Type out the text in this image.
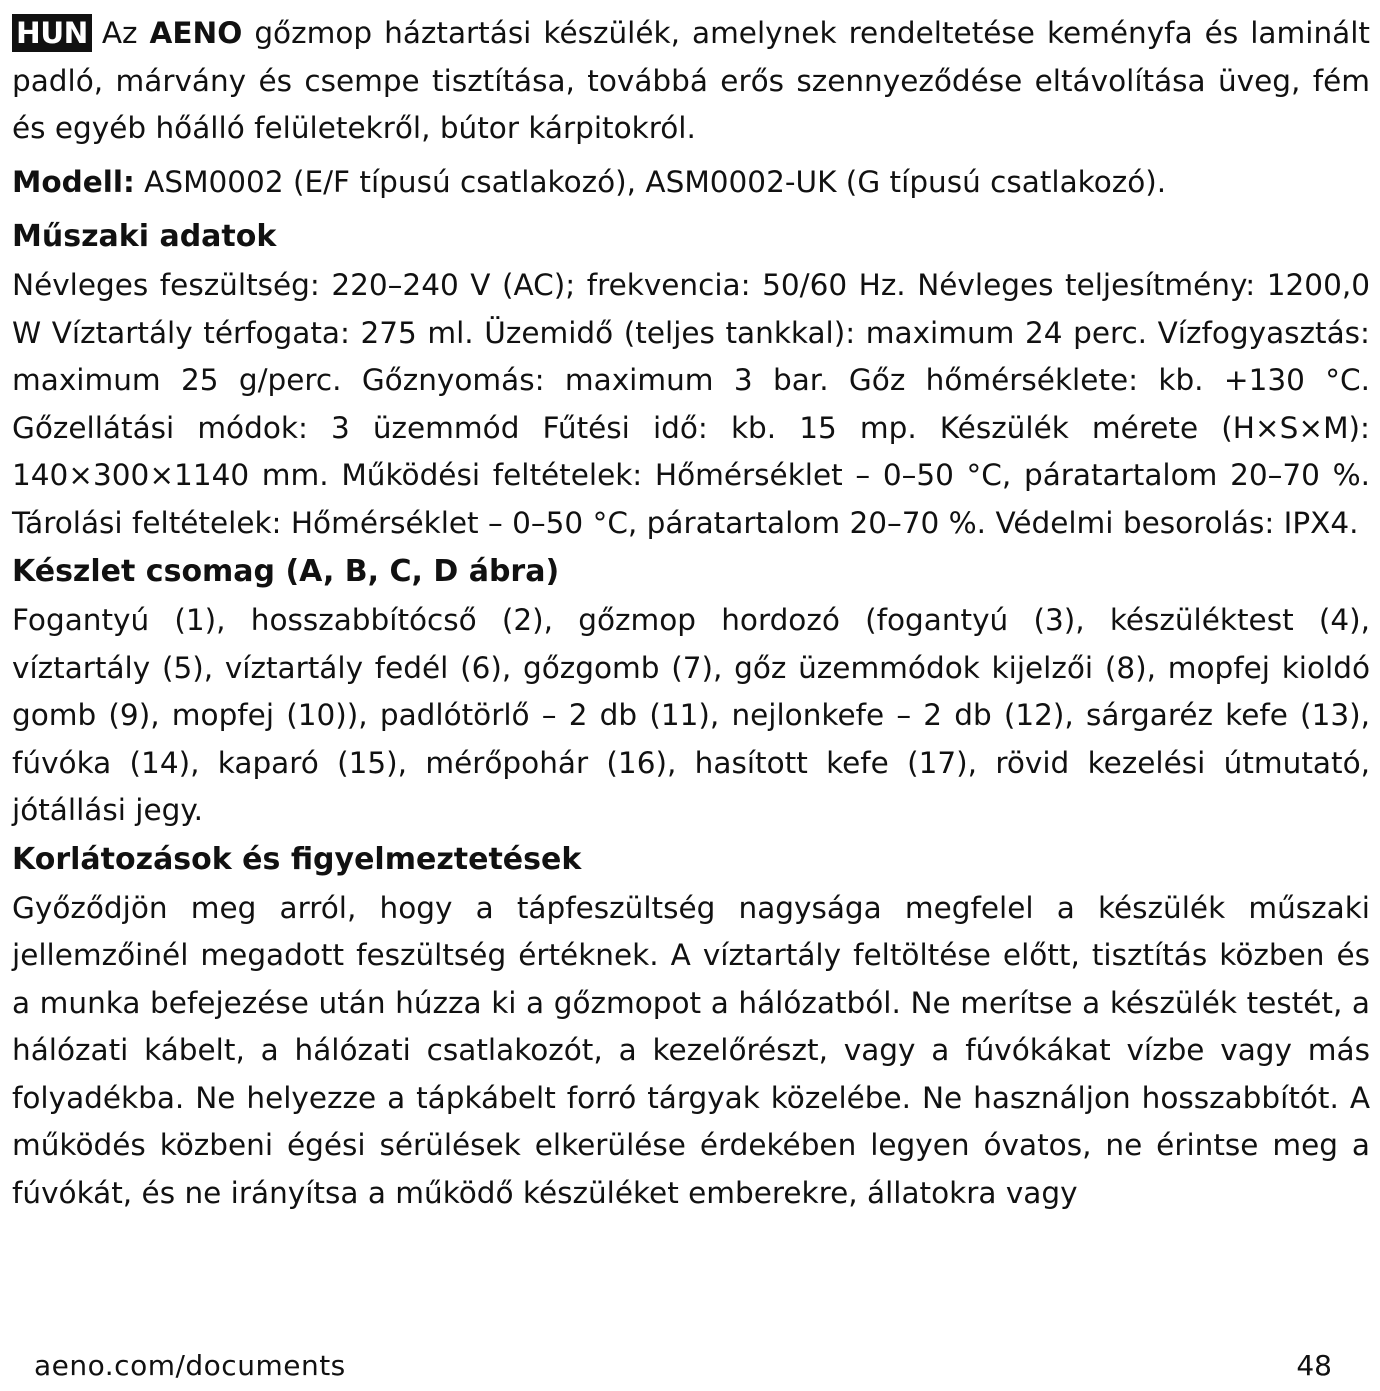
HUN Az AENO gőzmop háztartási készülék, amelynek rendeltetése keményfa és laminált padló, márvány és csempe tisztítása, továbbá erős szennyeződése eltávolítása üveg, fém és egyéb hőálló felületekről, bútor kárpitokról.

Modell: ASM0002 (E/F típusú csatlakozó), ASM0002-UK (G típusú csatlakozó).

Műszaki adatok

Névleges feszültség: 220–240 V (AC); frekvencia: 50/60 Hz. Névleges teljesítmény: 1200,0 W Víztartály térfogata: 275 ml. Üzemidő (teljes tankkal): maximum 24 perc. Vízfogyasztás: maximum 25 g/perc. Gőznyomás: maximum 3 bar. Gőz hőmérséklete: kb. +130 °C. Gőzellátási módok: 3 üzemmód Fűtési idő: kb. 15 mp. Készülék mérete (H×S×M): 140×300×1140 mm. Működési feltételek: Hőmérséklet – 0–50 °C, páratartalom 20–70 %. Tárolási feltételek: Hőmérséklet – 0–50 °C, páratartalom 20–70 %. Védelmi besorolás: IPX4.

Készlet csomag (A, B, C, D ábra)

Fogantyú (1), hosszabbítócső (2), gőzmop hordozó (fogantyú (3), készüléktest (4), víztartály (5), víztartály fedél (6), gőzgomb (7), gőz üzemmódok kijelzői (8), mopfej kioldó gomb (9), mopfej (10)), padlótörlő – 2 db (11), nejlonkefe – 2 db (12), sárgaréz kefe (13), fúvóka (14), kaparó (15), mérőpohár (16), hasított kefe (17), rövid kezelési útmutató, jótállási jegy.

Korlátozások és figyelmeztetések

Győződjön meg arról, hogy a tápfeszültség nagysága megfelel a készülék műszaki jellemzőinél megadott feszültség értéknek. A víztartály feltöltése előtt, tisztítás közben és a munka befejezése után húzza ki a gőzmopot a hálózatból. Ne merítse a készülék testét, a hálózati kábelt, a hálózati csatlakozót, a kezelőrészt, vagy a fúvókákat vízbe vagy más folyadékba. Ne helyezze a tápkábelt forró tárgyak közelébe. Ne használjon hosszabbítót. A működés közbeni égési sérülések elkerülése érdekében legyen óvatos, ne érintse meg a fúvókát, és ne irányítsa a működő készüléket emberekre, állatokra vagy

aeno.com/documents	48
